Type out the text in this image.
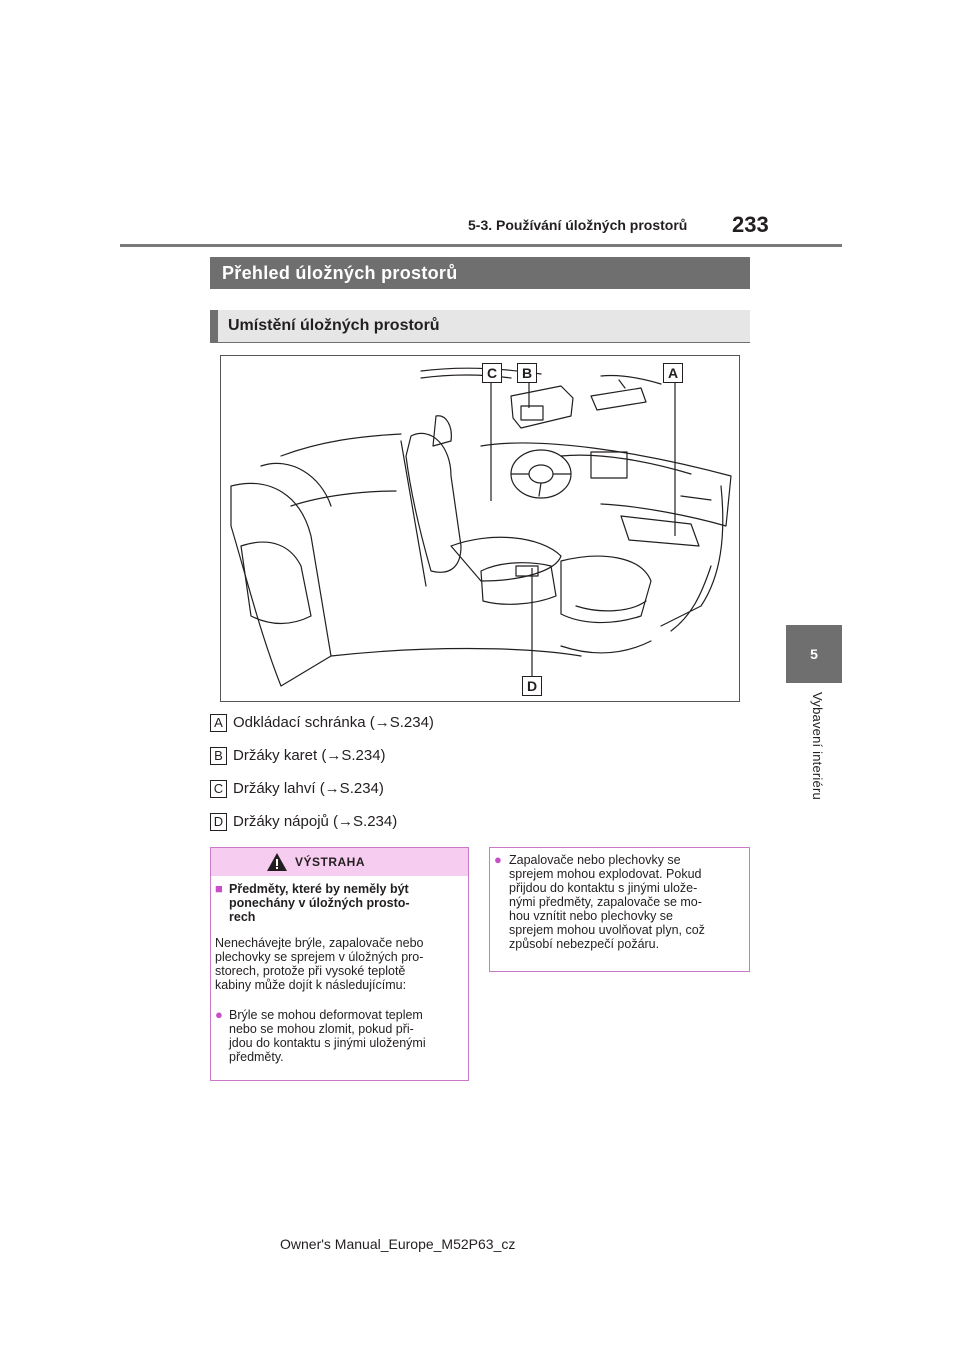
5-3. Používání úložných prostorů 233
Přehled úložných prostorů
Umístění úložných prostorů
C	B	A
D
A Odkládací schránka (→S.234)
B Držáky karet (→S.234)
C Držáky lahví (→S.234)
D Držáky nápojů (→S.234)
5
Vybavení interiéru
VÝSTRAHA
■ Předměty, které by neměly být
ponechány v úložných prosto-
rech
Nenechávejte brýle, zapalovače nebo
plechovky se sprejem v úložných pro-
storech, protože při vysoké teplotě
kabiny může dojít k následujícímu:
● Brýle se mohou deformovat teplem
nebo se mohou zlomit, pokud při-
jdou do kontaktu s jinými uloženými
předměty.
● Zapalovače nebo plechovky se
sprejem mohou explodovat. Pokud
přijdou do kontaktu s jinými ulože-
nými předměty, zapalovače se mo-
hou vznítit nebo plechovky se
sprejem mohou uvolňovat plyn, což
způsobí nebezpečí požáru.
Owner's Manual_Europe_M52P63_cz
